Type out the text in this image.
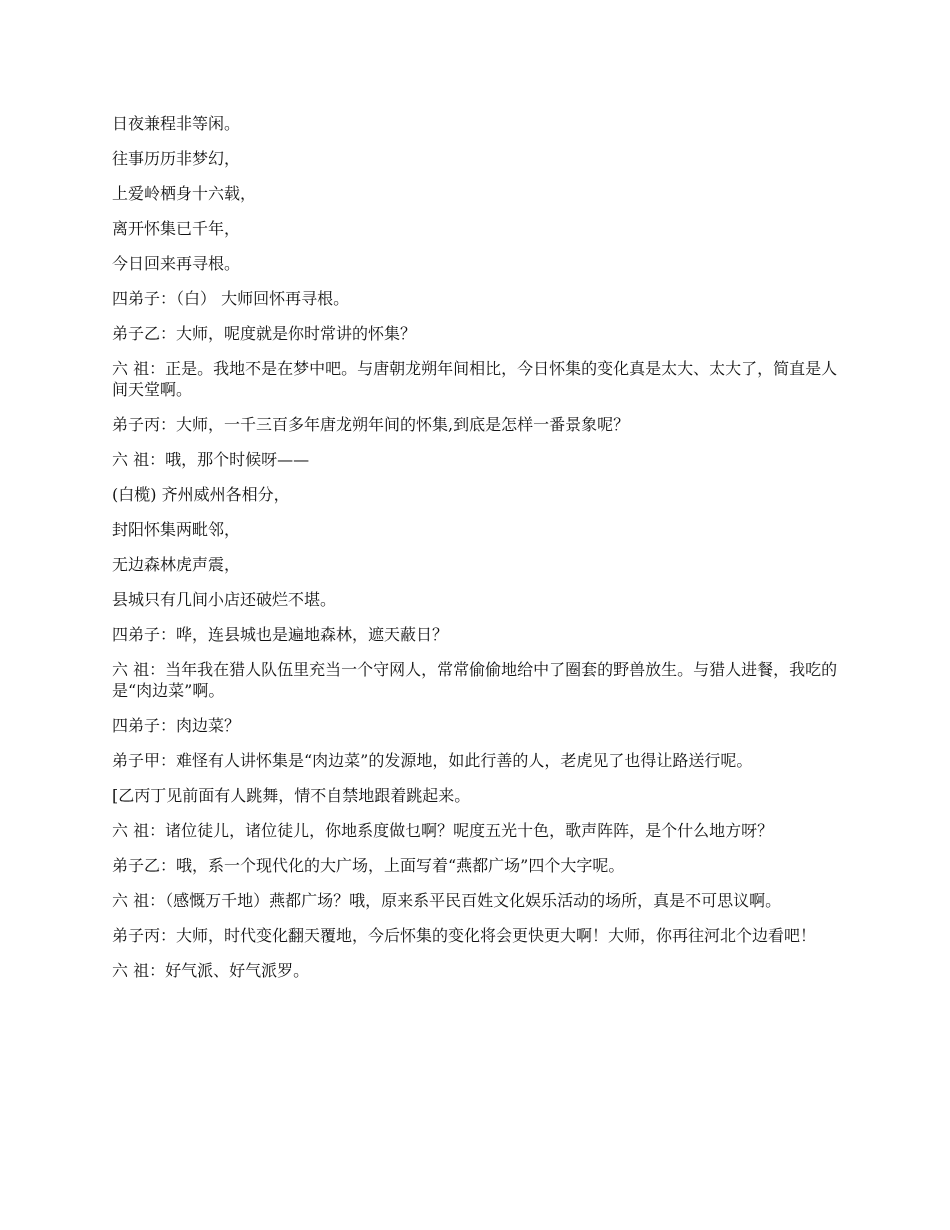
日夜兼程非等闲。

往事历历非梦幻，

上爱岭栖身十六载，

离开怀集已千年，

今日回来再寻根。

四弟子：（白） 大师回怀再寻根。

弟子乙：大师，呢度就是你时常讲的怀集？

六 祖：正是。我地不是在梦中吧。与唐朝龙朔年间相比，今日怀集的变化真是太大、太大了，简直是人间天堂啊。

弟子丙：大师，一千三百多年唐龙朔年间的怀集,到底是怎样一番景象呢？

六 祖：哦，那个时候呀——

(白榄) 齐州威州各相分，

封阳怀集两毗邻，

无边森林虎声震，

县城只有几间小店还破烂不堪。

四弟子：哗，连县城也是遍地森林，遮天蔽日？

六 祖：当年我在猎人队伍里充当一个守网人，常常偷偷地给中了圈套的野兽放生。与猎人进餐，我吃的是“肉边菜”啊。

四弟子：肉边菜？

弟子甲：难怪有人讲怀集是“肉边菜”的发源地，如此行善的人，老虎见了也得让路送行呢。

[乙丙丁见前面有人跳舞，情不自禁地跟着跳起来。

六 祖：诸位徒儿，诸位徒儿，你地系度做乜啊？呢度五光十色，歌声阵阵，是个什么地方呀？

弟子乙：哦，系一个现代化的大广场，上面写着“燕都广场”四个大字呢。

六 祖：（感慨万千地）燕都广场？哦，原来系平民百姓文化娱乐活动的场所，真是不可思议啊。

弟子丙：大师，时代变化翻天覆地，今后怀集的变化将会更快更大啊！大师，你再往河北个边看吧！

六 祖：好气派、好气派罗。
